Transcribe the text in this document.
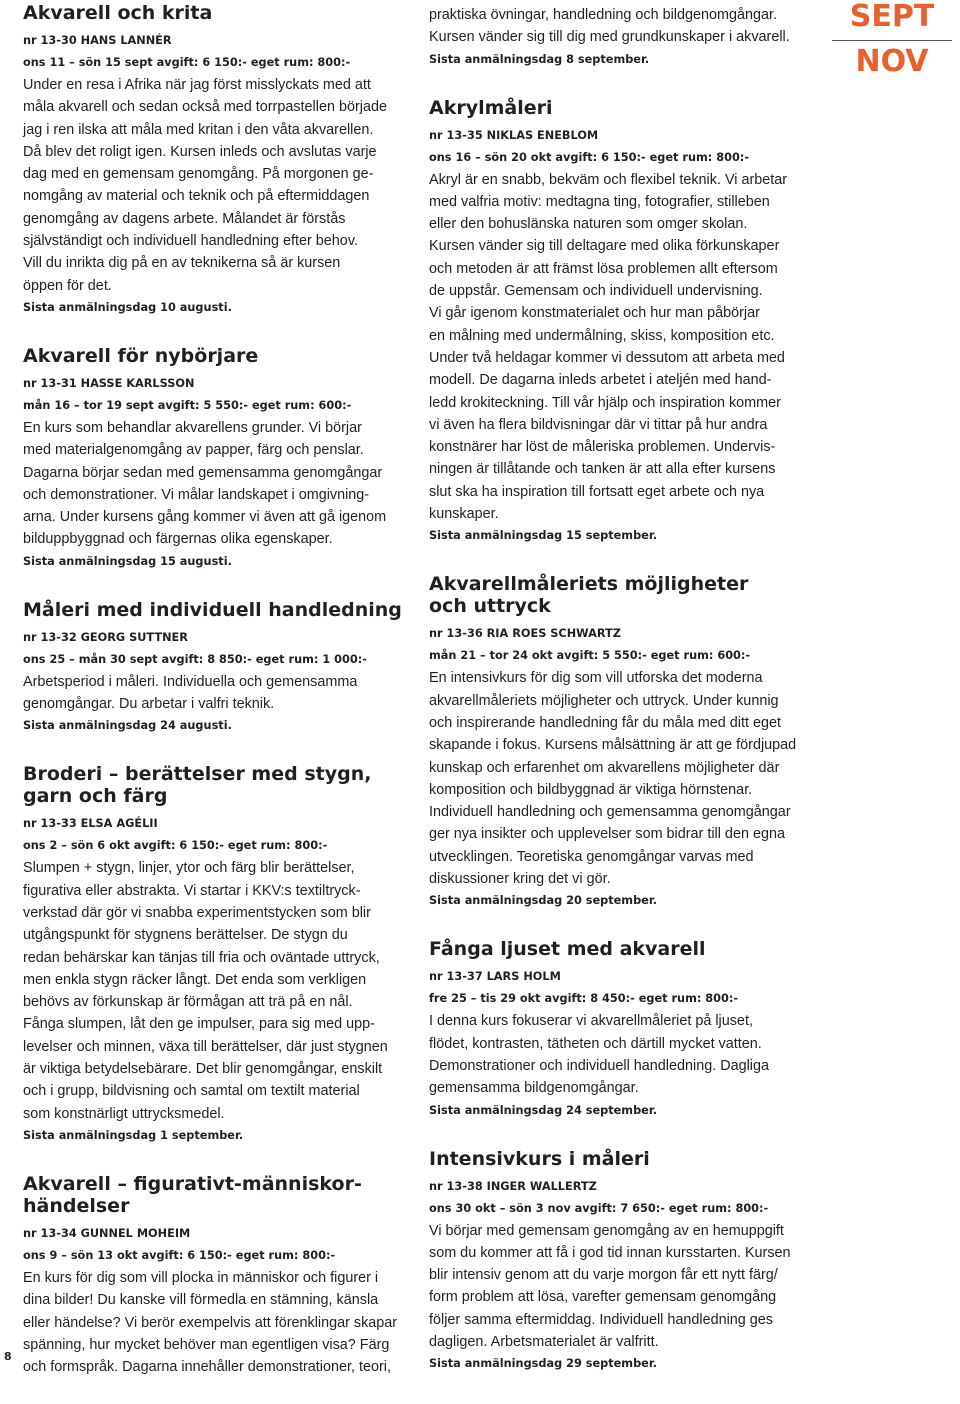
SEPT
NOV
Akvarell och krita

nr 13-30 HANS LANNÉR

ons 11 – sön 15 sept avgift: 6 150:- eget rum: 800:-

Under en resa i Afrika när jag först misslyckats med att
måla akvarell och sedan också med torrpastellen började
jag i ren ilska att måla med kritan i den våta akvarellen.
Då blev det roligt igen. Kursen inleds och avslutas varje
dag med en gemensam genomgång. På morgonen ge-
nomgång av material och teknik och på eftermiddagen
genomgång av dagens arbete. Målandet är förstås
självständigt och individuell handledning efter behov.
Vill du inrikta dig på en av teknikerna så är kursen
öppen för det.

Sista anmälningsdag 10 augusti.

Akvarell för nybörjare

nr 13-31 HASSE KARLSSON

mån 16 – tor 19 sept avgift: 5 550:- eget rum: 600:-

En kurs som behandlar akvarellens grunder. Vi börjar
med materialgenomgång av papper, färg och penslar.
Dagarna börjar sedan med gemensamma genomgångar
och demonstrationer. Vi målar landskapet i omgivning-
arna. Under kursens gång kommer vi även att gå igenom
bilduppbyggnad och färgernas olika egenskaper.

Sista anmälningsdag 15 augusti.

Måleri med individuell handledning

nr 13-32 GEORG SUTTNER

ons 25 – mån 30 sept avgift: 8 850:- eget rum: 1 000:-

Arbetsperiod i måleri. Individuella och gemensamma
genomgångar. Du arbetar i valfri teknik.

Sista anmälningsdag 24 augusti.

Broderi – berättelser med stygn,
garn och färg

nr 13-33 ELSA AGÉLII

ons 2 – sön 6 okt avgift: 6 150:- eget rum: 800:-

Slumpen + stygn, linjer, ytor och färg blir berättelser,
figurativa eller abstrakta. Vi startar i KKV:s textiltryck-
verkstad där gör vi snabba experimentstycken som blir
utgångspunkt för stygnens berättelser. De stygn du
redan behärskar kan tänjas till fria och oväntade uttryck,
men enkla stygn räcker långt. Det enda som verkligen
behövs av förkunskap är förmågan att trä på en nål.
Fånga slumpen, låt den ge impulser, para sig med upp-
levelser och minnen, växa till berättelser, där just stygnen
är viktiga betydelsebärare. Det blir genomgångar, enskilt
och i grupp, bildvisning och samtal om textilt material
som konstnärligt uttrycksmedel.

Sista anmälningsdag 1 september.

Akvarell – figurativt-människor-
händelser

nr 13-34 GUNNEL MOHEIM

ons 9 – sön 13 okt avgift: 6 150:- eget rum: 800:-

En kurs för dig som vill plocka in människor och figurer i
dina bilder! Du kanske vill förmedla en stämning, känsla
eller händelse? Vi berör exempelvis att förenklingar skapar
spänning, hur mycket behöver man egentligen visa? Färg
och formspråk. Dagarna innehåller demonstrationer, teori,

praktiska övningar, handledning och bildgenomgångar.
Kursen vänder sig till dig med grundkunskaper i akvarell.

Sista anmälningsdag 8 september.

Akrylmåleri

nr 13-35 NIKLAS ENEBLOM

ons 16 – sön 20 okt avgift: 6 150:- eget rum: 800:-

Akryl är en snabb, bekväm och flexibel teknik. Vi arbetar
med valfria motiv: medtagna ting, fotografier, stilleben
eller den bohuslänska naturen som omger skolan.
Kursen vänder sig till deltagare med olika förkunskaper
och metoden är att främst lösa problemen allt eftersom
de uppstår. Gemensam och individuell undervisning.
Vi går igenom konstmaterialet och hur man påbörjar
en målning med undermålning, skiss, komposition etc.
Under två heldagar kommer vi dessutom att arbeta med
modell. De dagarna inleds arbetet i ateljén med hand-
ledd krokiteckning. Till vår hjälp och inspiration kommer
vi även ha flera bildvisningar där vi tittar på hur andra
konstnärer har löst de måleriska problemen. Undervis-
ningen är tillåtande och tanken är att alla efter kursens
slut ska ha inspiration till fortsatt eget arbete och nya
kunskaper.

Sista anmälningsdag 15 september.

Akvarellmåleriets möjligheter
och uttryck

nr 13-36 RIA ROES SCHWARTZ

mån 21 – tor 24 okt avgift: 5 550:- eget rum: 600:-

En intensivkurs för dig som vill utforska det moderna
akvarellmåleriets möjligheter och uttryck. Under kunnig
och inspirerande handledning får du måla med ditt eget
skapande i fokus. Kursens målsättning är att ge fördjupad
kunskap och erfarenhet om akvarellens möjligheter där
komposition och bildbyggnad är viktiga hörnstenar.
Individuell handledning och gemensamma genomgångar
ger nya insikter och upplevelser som bidrar till den egna
utvecklingen. Teoretiska genomgångar varvas med
diskussioner kring det vi gör.

Sista anmälningsdag 20 september.

Fånga ljuset med akvarell

nr 13-37 LARS HOLM

fre 25 – tis 29 okt avgift: 8 450:- eget rum: 800:-

I denna kurs fokuserar vi akvarellmåleriet på ljuset,
flödet, kontrasten, tätheten och därtill mycket vatten.
Demonstrationer och individuell handledning. Dagliga
gemensamma bildgenomgångar.

Sista anmälningsdag 24 september.

Intensivkurs i måleri

nr 13-38 INGER WALLERTZ

ons 30 okt – sön 3 nov avgift: 7 650:- eget rum: 800:-

Vi börjar med gemensam genomgång av en hemuppgift
som du kommer att få i god tid innan kursstarten. Kursen
blir intensiv genom att du varje morgon får ett nytt färg/
form problem att lösa, varefter gemensam genomgång
följer samma eftermiddag. Individuell handledning ges
dagligen. Arbetsmaterialet är valfritt.

Sista anmälningsdag 29 september.

8
